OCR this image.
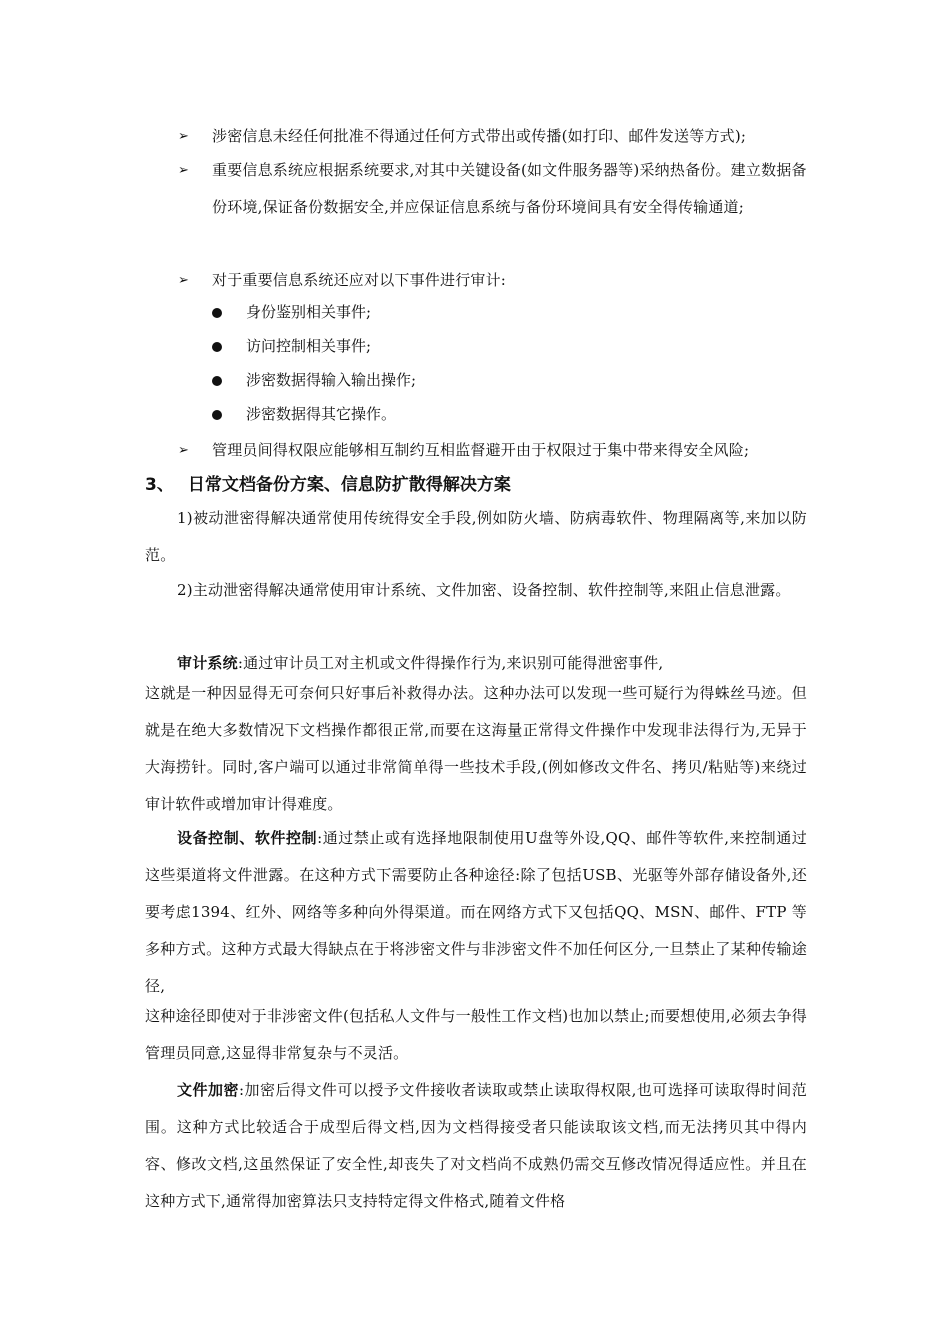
➢ 涉密信息未经任何批准不得通过任何方式带出或传播(如打印、邮件发送等方式);
➢ 重要信息系统应根据系统要求,对其中关键设备(如文件服务器等)采纳热备份。建立数据备份环境,保证备份数据安全,并应保证信息系统与备份环境间具有安全得传输通道;
➢ 对于重要信息系统还应对以下事件进行审计:
身份鉴别相关事件;
访问控制相关事件;
涉密数据得输入输出操作;
涉密数据得其它操作。
➢ 管理员间得权限应能够相互制约互相监督避开由于权限过于集中带来得安全风险;
3、 日常文档备份方案、信息防扩散得解决方案
1)被动泄密得解决通常使用传统得安全手段,例如防火墙、防病毒软件、物理隔离等,来加以防范。
2)主动泄密得解决通常使用审计系统、文件加密、设备控制、软件控制等,来阻止信息泄露。
审计系统:通过审计员工对主机或文件得操作行为,来识别可能得泄密事件,
这就是一种因显得无可奈何只好事后补救得办法。这种办法可以发现一些可疑行为得蛛丝马迹。但就是在绝大多数情况下文档操作都很正常,而要在这海量正常得文件操作中发现非法得行为,无异于大海捞针。同时,客户端可以通过非常简单得一些技术手段,(例如修改文件名、拷贝/粘贴等)来绕过审计软件或增加审计得难度。
设备控制、软件控制:通过禁止或有选择地限制使用U盘等外设,QQ、邮件等软件,来控制通过这些渠道将文件泄露。在这种方式下需要防止各种途径:除了包括USB、光驱等外部存储设备外,还要考虑1394、红外、网络等多种向外得渠道。而在网络方式下又包括QQ、MSN、邮件、FTP 等多种方式。这种方式最大得缺点在于将涉密文件与非涉密文件不加任何区分,一旦禁止了某种传输途径,
这种途径即使对于非涉密文件(包括私人文件与一般性工作文档)也加以禁止;而要想使用,必须去争得管理员同意,这显得非常复杂与不灵活。
文件加密:加密后得文件可以授予文件接收者读取或禁止读取得权限,也可选择可读取得时间范围。这种方式比较适合于成型后得文档,因为文档得接受者只能读取该文档,而无法拷贝其中得内容、修改文档,这虽然保证了安全性,却丧失了对文档尚不成熟仍需交互修改情况得适应性。并且在这种方式下,通常得加密算法只支持特定得文件格式,随着文件格
